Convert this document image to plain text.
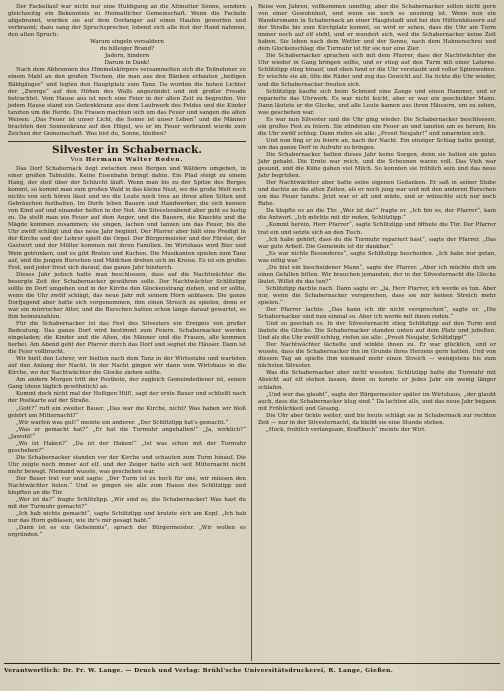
Der Fackellauf war nicht nur eine Huldigung an die Altmutter Sonne, sondern gleichzeitig ein Bekenntnis zu Heimatlicher Gemeinschaft. Wenn die Fackeln abgebrannt, wurden sie auf dem Dorfanger auf einen Haufen geworfen und verbrannt; dazu sang der Spruchsprecher, lobend sich alle fest der Hand nahmen, den alten Spruch:

Warum singeln vorsaldern

du hilleiger Brand?

Jadern, hindern

Darum in Dank!

Nach dem Abbrennen des Himmelskörpers versammelten sich die Teilnehmer zu einem Mahl an den großen Tischen, die man aus den Bänken erbauten „heiligen Bäldgänger“ und legten den Hauptplatz zum Tanz. Da wurden die hohen Lichter der „Zwerge“ auf den Höhen des Walls angezündet und mit großer Freude betrachtet. Vom Hause aus ist noch eine Feier in der alten Zeit zu begreifen. Vor jedem Hause stand ein Gedenkkranz aus dem Laubwerk des Feldes und die Kinder tanzten um die Herde. Die Frauen machten sich um das Feuer und sangen die alten Weisen: „Das Feuer ist unser Licht, die Sonne ist unser Leben“ und die Männer brachten den Sonnenkranz auf den Hügel, wo er im Feuer verbrannt wurde zum Zeichen der Gemeinschaft. Was bist du, Sonne, bleiben?

Silvester in Schabernack.
Von Hermann Walter Roden.

Das Dorf Schabernack liegt zwischen zwei Bergen und Wäldern umgeben, in einer großen Talmulde. Keine Eisenbahn bringt dahin. Ein Pfad steigt zu einem Hang, der steil über der Schlucht läuft. Wenn man bis zu der Spitze des Berges kommt, so kommt man zum großen Wald in das kleine Nest, wo die große Welt noch nichts von sich hören lässt und wo die Leute noch treu an ihren alten Sitten und Gebräuchen festhalten. Im Dorfe leben Bauern und Handwerker, die sich kennen von Kind auf und einander helfen in der Not. Am Silvesterabend aber geht es lustig zu. Da stellt man ein Feuer auf dem Anger, und die Bauern, die Knechte und die Mägde kommen zusammen; sie singen, lachen und tanzen um das Feuer, bis die Uhr zwölf schlägt und das neue Jahr beginnt. Der Pfarrer aber hält eine Predigt in der Kirche und der Lehrer spielt die Orgel. Der Bürgermeister und der Förster, der Gastwirt und der Müller kommen mit ihren Familien. Im Wirtshaus wird Bier und Wein getrunken, und es gibt Braten und Kuchen. Die Musikanten spielen zum Tanz auf, und die jungen Burschen und Mädchen drehen sich im Kreise. Es ist ein großes Fest, und jeder freut sich darauf, das ganze Jahr hindurch.

Dieses Jahr jedoch hatte man beschlossen, dass auf die Nachtwächter die besorgte Zeit der Schabernacker gewähren solle. Der Nachtwächter Schlitzlipp sollte im Dorf umgehen und in der Kirche den Glockenstrang ziehen, und er sollte, wenn die Uhr zwölf schlägt, das neue Jahr mit seinem Horn anblasen. Die ganze Dorfjugend aber hatte sich vorgenommen, ihm einen Streich zu spielen, denn er war ein mürrischer Alter, und die Burschen hatten schon lange darauf gewartet, es ihm heimzuzahlen.

Für die Schabernacker ist das Fest des Silvesters ein Ereignis von großer Bedeutung. Das ganze Dorf wird bestimmt zum Feiern. Schabernacker werden eingeladen; die Kinder und die Alten, die Männer und die Frauen, alle kommen herbei. Am Abend geht der Pfarrer durch das Dorf und segnet die Häuser. Dann ist die Feier vollbracht.

Wir hielt den Lehrer, wir hielten nach dem Tanz in der Wirtsstube und warteten auf den Anfang der Nacht. In der Nacht gingen wir dann vom Wirtshaus in die Kirche, wo der Nachtwächter die Glocke ziehen sollte.

Am andern Morgen tritt der Postbote, der zugleich Gemeindediener ist, seinen Gang (denn täglich gewöhnlich) an.

Kommt doch nicht mal der Heiligen Hilf!, sagt der erste Bauer und schließt nach der Postkarte auf der Straße.

„Gott?“ ruft ein zweiter Bauer. „Das war die Kirche, nicht? Was haben wir bloß gehört um Mitternacht?“

„Wir warfen was gut!“ meinte ein anderer. „Der Schlitzlipp hat's gemacht.“

„Was er gemacht hat?“ „Er hat die Turmuhr angehalten!“ „Ja, wirklich?“ „Jawohl!“

„Wo ist Haken?“ „Da ist der Haken!“ „Ist was schon mit der Turmuhr geschehen?“

Die Schabernacker standen vor der Kirche und schauten zum Turm hinauf. Die Uhr zeigte noch immer auf elf, und der Zeiger hatte sich seit Mitternacht nicht mehr bewegt. Niemand wusste, was geschehen war.

Der Bauer trat vor und sagte: „Der Turm ist zu hoch für uns, wir müssen den Nachtwächter holen.“ Und so gingen sie alle zum Hause des Schlitzlipp und klopften an die Tür.

„Wer ist da?“ fragte Schlitzlipp. „Wir sind es, die Schabernacker! Was hast du mit der Turmuhr gemacht?“

„Ich hab nichts gemacht“, sagte Schlitzlipp und kratzte sich am Kopf. „Ich hab nur das Horn geblasen, wie ihr's mir gesagt habt.“

„Dann ist es ein Geheimnis“, sprach der Bürgermeister. „Wir wollen es ergründen.“

Reise von Jahren, vollkommen unnötig, aber die Schabernacker sollen nicht gern von einer Gewohnheit, und wenn sie noch so unsinnig ist. Wenn nun ein Wandersmann in Schabernack an einer Hauptstadt und bei den Hüttenhäusern auf der Straße bis zum Kirchplatz kommt, so wird er sehen, dass die Uhr am Turm immer noch auf elf steht, und er wundert sich, weil die Schabernacker keine Zeit haben. Sie leben nach dem Wetter und der Sonne, nach dem Hahnenschrei und dem Glockenschlag; die Turmuhr ist für sie nur eine Zier.

Die Schabernacker sprachen sich mit dem Pfarrer, dass der Nachtwächter die Uhr wieder in Gang bringen sollte, und er stieg auf den Turm mit einer Laterne. Schlitzlipp stieg hinauf, und oben fand er die Uhr verstaubt und voller Spinnweben. Er wischte sie ab, ölte die Räder und zog das Gewicht auf. Da tickte die Uhr wieder, und die Schabernacker freuten sich.

Schlitzlipp kaufte sich beim Schmied eine Zange und einen Hammer, und er reparierte das Uhrwerk. Es war nicht leicht, aber er war ein geschickter Mann. Dann läutete er die Glocke, und alle Leute kamen aus ihren Häusern, um zu sehen, was geschehen war.

Es war nun Silvester und die Uhr ging wieder. Die Schabernacker beschlossen, ein großes Fest zu feiern. Sie zündeten ein Feuer an und tanzten um es herum, bis die Uhr zwölf schlug. Dann riefen sie alle: „Prosit Neujahr!“ und umarmten sich.

Und nun fing er zu feiern an, nach der Nacht. Ein einziger Schlag hatte genügt, um das ganze Dorf in Aufruhr zu bringen.

Die Schabernacker hatten dieses Jahr keine Sorgen, denn sie hatten ein gutes Jahr gehabt. Die Ernte war reich, und die Scheunen waren voll. Das Vieh war gesund, und die Kühe gaben viel Milch. So konnten sie fröhlich sein und das neue Jahr begrüßen.

Der Nachtwächter aber hatte seine eigenen Gedanken. Er saß in seiner Stube und dachte an die alten Zeiten, als er noch jung war und mit den anderen Burschen um das Feuer tanzte. Jetzt war er alt und müde, und er wünschte sich nur noch Ruhe.

Da klopfte es an die Tür. „Wer ist da?“ fragte er. „Ich bin es, der Pfarrer“, kam die Antwort. „Ich möchte mit dir reden, Schlitzlipp.“

„Kommt herein, Herr Pfarrer“, sagte Schlitzlipp und öffnete die Tür. Der Pfarrer trat ein und setzte sich an den Tisch.

„Ich habe gehört, dass du die Turmuhr repariert hast“, sagte der Pfarrer. „Das war gute Arbeit. Die Gemeinde ist dir dankbar.“

„Es war nichts Besonderes“, sagte Schlitzlipp bescheiden. „Ich habe nur getan, was nötig war.“

„Du bist ein bescheidener Mann“, sagte der Pfarrer. „Aber ich möchte dich um einen Gefallen bitten. Wir brauchen jemanden, der in der Silvesternacht die Glocke läutet. Willst du das tun?“

Schlitzlipp dachte nach. Dann sagte er: „Ja, Herr Pfarrer, ich werde es tun. Aber nur, wenn die Schabernacker versprechen, dass sie mir keinen Streich mehr spielen.“

Der Pfarrer lachte. „Das kann ich dir nicht versprechen“, sagte er. „Die Schabernacker sind nun einmal so. Aber ich werde mit ihnen reden.“

Und so geschah es. In der Silvesternacht stieg Schlitzlipp auf den Turm und läutete die Glocke. Die Schabernacker standen unten auf dem Platz und jubelten. Und als die Uhr zwölf schlug, riefen sie alle: „Prosit Neujahr, Schlitzlipp!“

Der Nachtwächter lächelte und winkte ihnen zu. Er war glücklich, und er wusste, dass die Schabernacker ihn im Grunde ihres Herzens gern hatten. Und von diesem Tag an spielte ihm niemand mehr einen Streich — wenigstens bis zum nächsten Silvester.

Was die Schabernacker aber nicht wussten: Schlitzlipp hatte die Turmuhr mit Absicht auf elf stehen lassen, denn so konnte er jedes Jahr ein wenig länger schlafen.

„Und wer das glaubt“, sagte der Bürgermeister später im Wirtshaus, „der glaubt auch, dass die Schabernacker klug sind.“ Da lachten alle, und das neue Jahr begann mit Fröhlichkeit und Gesang.

Die Uhr aber tickte weiter, und bis heute schlägt sie in Schabernack zur rechten Zeit — nur in der Silvesternacht, da bleibt sie eine Stunde stehen.

„Hock, frohlich verlangsam, Kraftbuch“ meinte der Wirt.

Verantwortlich: Dr. Fr. W. Lange. — Druck und Verlag: Brühl'sche Universitätsdruckerei, R. Lange, Gießen.
